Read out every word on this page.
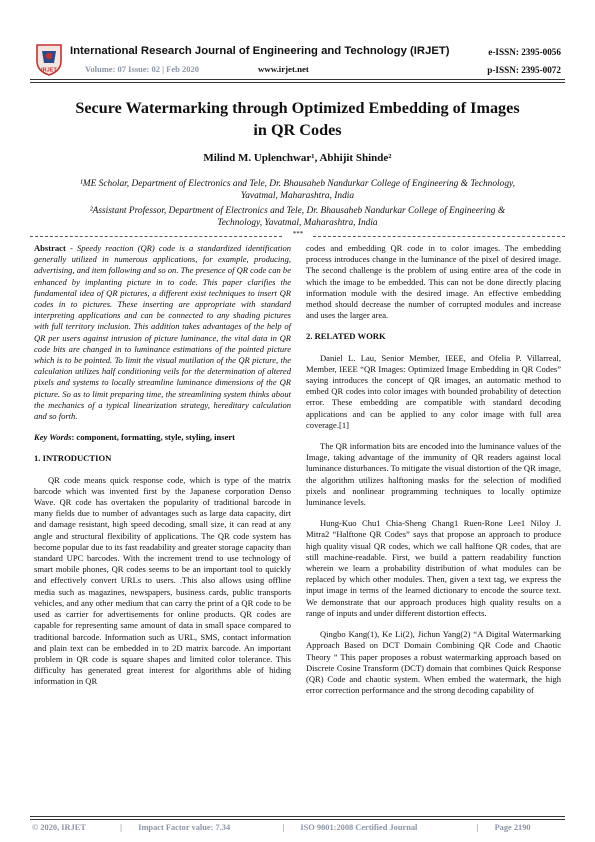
IRJET
International Research Journal of Engineering and Technology (IRJET)	e-ISSN: 2395-0056
Volume: 07 Issue: 02 | Feb 2020	www.irjet.net	p-ISSN: 2395-0072
Secure Watermarking through Optimized Embedding of Images
in QR Codes
Milind M. Uplenchwar¹, Abhijit Shinde²
¹ME Scholar, Department of Electronics and Tele, Dr. Bhausaheb Nandurkar College of Engineering & Technology,
Yavatmal, Maharashtra, India
²Assistant Professor, Department of Electronics and Tele, Dr. Bhausaheb Nandurkar College of Engineering &
Technology, Yavatmal, Maharashtra, India
***

Abstract - Speedy reaction (QR) code is a standardized identification generally utilized in numerous applications, for example, producing, advertising, and item following and so on. The presence of QR code can be enhanced by implanting picture in to code. This paper clarifies the fundamental idea of QR pictures, a different exist techniques to insert QR codes in to pictures. These inserting are appropriate with standard interpreting applications and can be connected to any shading pictures with full territory inclusion. This addition takes advantages of the help of QR per users against intrusion of picture luminance, the vital data in QR code bits are changed in to luminance estimations of the pointed picture which is to be pointed. To limit the visual mutilation of the QR picture, the calculation utilizes half conditioning veils for the determination of altered pixels and systems to locally streamline luminance dimensions of the QR picture. So as to limit preparing time, the streamlining system thinks about the mechanics of a typical linearization strategy, hereditary calculation and so forth.

Key Words: component, formatting, style, styling, insert

1. INTRODUCTION

QR code means quick response code, which is type of the matrix barcode which was invented first by the Japanese corporation Denso Wave. QR code has overtaken the popularity of traditional barcode in many fields due to number of advantages such as large data capacity, dirt and damage resistant, high speed decoding, small size, it can read at any angle and structural flexibility of applications. The QR code system has become popular due to its fast readability and greater storage capacity than standard UPC barcodes. With the increment trend to use technology of smart mobile phones, QR codes seems to be an important tool to quickly and effectively convert URLs to users. .This also allows using offline media such as magazines, newspapers, business cards, public transports vehicles, and any other medium that can carry the print of a QR code to be used as carrier for advertisements for online products. QR codes are capable for representing same amount of data in small space compared to traditional barcode. Information such as URL, SMS, contact information and plain text can be embedded in to 2D matrix barcode. An important problem in QR code is square shapes and limited color tolerance. This difficulty has generated great interest for algorithms able of hiding information in QR

codes and embedding QR code in to color images. The embedding process introduces change in the luminance of the pixel of desired image. The second challenge is the problem of using entire area of the code in which the image to be embedded. This can not be done directly placing information module with the desired image. An effective embedding method should decrease the number of corrupted modules and increase and uses the larger area.

2. RELATED WORK

Daniel L. Lau, Senior Member, IEEE, and Ofelia P. Villarreal, Member, IEEE “QR Images: Optimized Image Embedding in QR Codes” saying introduces the concept of QR images, an automatic method to embed QR codes into color images with bounded probability of detection error. These embedding are compatible with standard decoding applications and can be applied to any color image with full area coverage.[1]

The QR information bits are encoded into the luminance values of the Image, taking advantage of the immunity of QR readers against local luminance disturbances. To mitigate the visual distortion of the QR image, the algorithm utilizes halftoning masks for the selection of modified pixels and nonlinear programming techniques to locally optimize luminance levels.

Hung-Kuo Chu1 Chia-Sheng Chang1 Ruen-Rone Lee1 Niloy J. Mitra2 “Halftone QR Codes” says that propose an approach to produce high quality visual QR codes, which we call halftone QR codes, that are still machine-readable. First, we build a pattern readability function wherein we learn a probability distribution of what modules can be replaced by which other modules. Then, given a text tag, we express the input image in terms of the learned dictionary to encode the source text. We demonstrate that our approach produces high quality results on a range of inputs and under different distortion effects.

Qingbo Kang(1), Ke Li(2), Jichun Yang(2) “A Digital Watermarking Approach Based on DCT Domain Combining QR Code and Chaotic Theory ” This paper proposes a robust watermarking approach based on Discrete Cosine Transform (DCT) domain that combines Quick Response (QR) Code and chaotic system. When embed the watermark, the high error correction performance and the strong decoding capability of

© 2020, IRJET	| Impact Factor value: 7.34	| ISO 9001:2008 Certified Journal	| Page 2190
